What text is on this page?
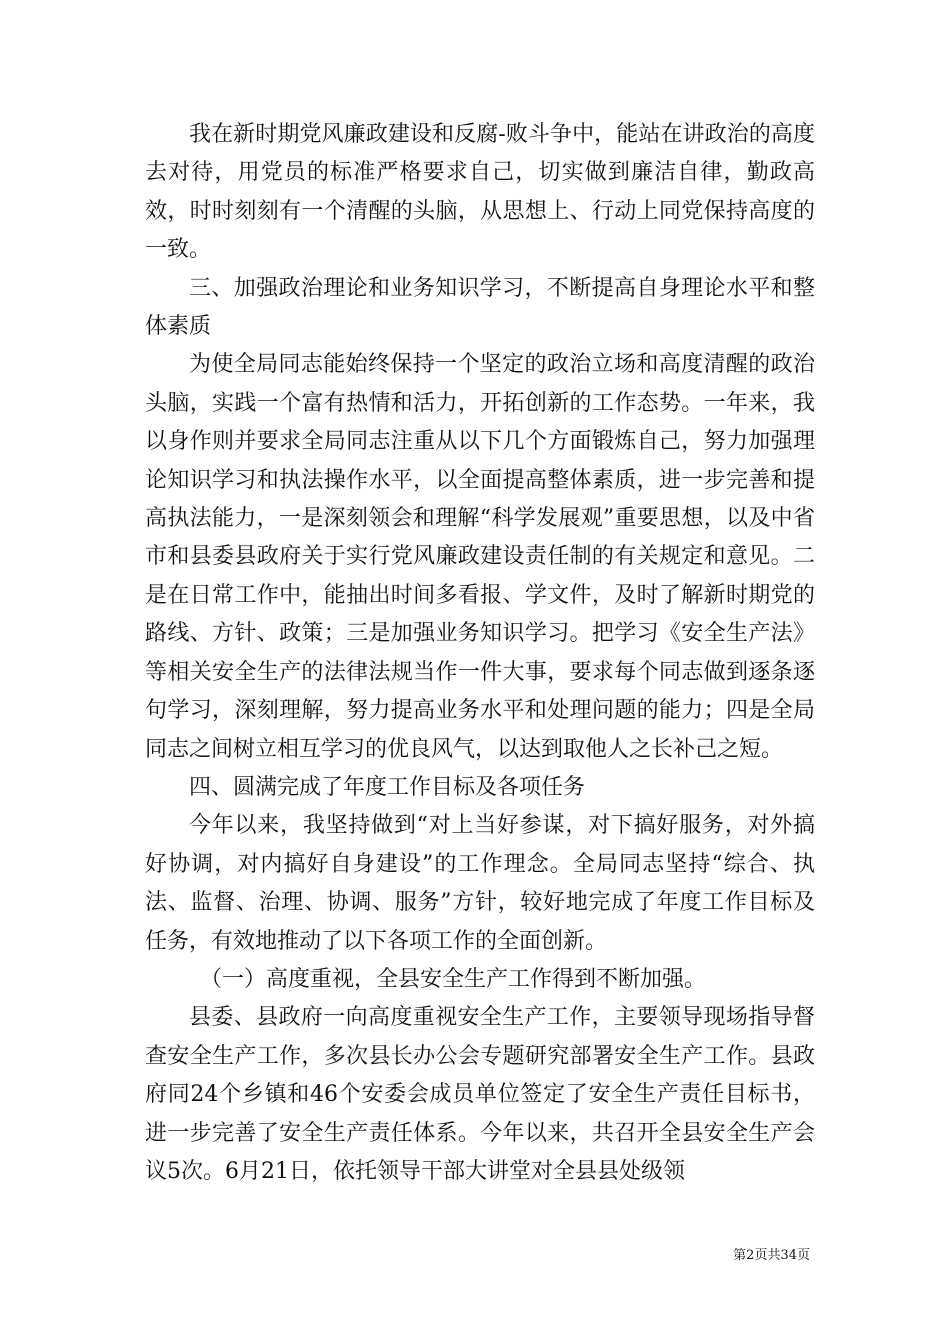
我在新时期党风廉政建设和反腐-败斗争中，能站在讲政治的高度去对待，用党员的标准严格要求自己，切实做到廉洁自律，勤政高效，时时刻刻有一个清醒的头脑，从思想上、行动上同党保持高度的一致。

三、加强政治理论和业务知识学习，不断提高自身理论水平和整体素质

为使全局同志能始终保持一个坚定的政治立场和高度清醒的政治头脑，实践一个富有热情和活力，开拓创新的工作态势。一年来，我以身作则并要求全局同志注重从以下几个方面锻炼自己，努力加强理论知识学习和执法操作水平，以全面提高整体素质，进一步完善和提高执法能力，一是深刻领会和理解“科学发展观”重要思想，以及中省市和县委县政府关于实行党风廉政建设责任制的有关规定和意见。二是在日常工作中，能抽出时间多看报、学文件，及时了解新时期党的路线、方针、政策；三是加强业务知识学习。把学习《安全生产法》等相关安全生产的法律法规当作一件大事，要求每个同志做到逐条逐句学习，深刻理解，努力提高业务水平和处理问题的能力；四是全局同志之间树立相互学习的优良风气，以达到取他人之长补己之短。

四、圆满完成了年度工作目标及各项任务

今年以来，我坚持做到“对上当好参谋，对下搞好服务，对外搞好协调，对内搞好自身建设”的工作理念。全局同志坚持“综合、执法、监督、治理、协调、服务”方针，较好地完成了年度工作目标及任务，有效地推动了以下各项工作的全面创新。

（一）高度重视，全县安全生产工作得到不断加强。

县委、县政府一向高度重视安全生产工作，主要领导现场指导督查安全生产工作，多次县长办公会专题研究部署安全生产工作。县政府同24个乡镇和46个安委会成员单位签定了安全生产责任目标书，进一步完善了安全生产责任体系。今年以来，共召开全县安全生产会议5次。6月21日，依托领导干部大讲堂对全县县处级领

第2页共34页
